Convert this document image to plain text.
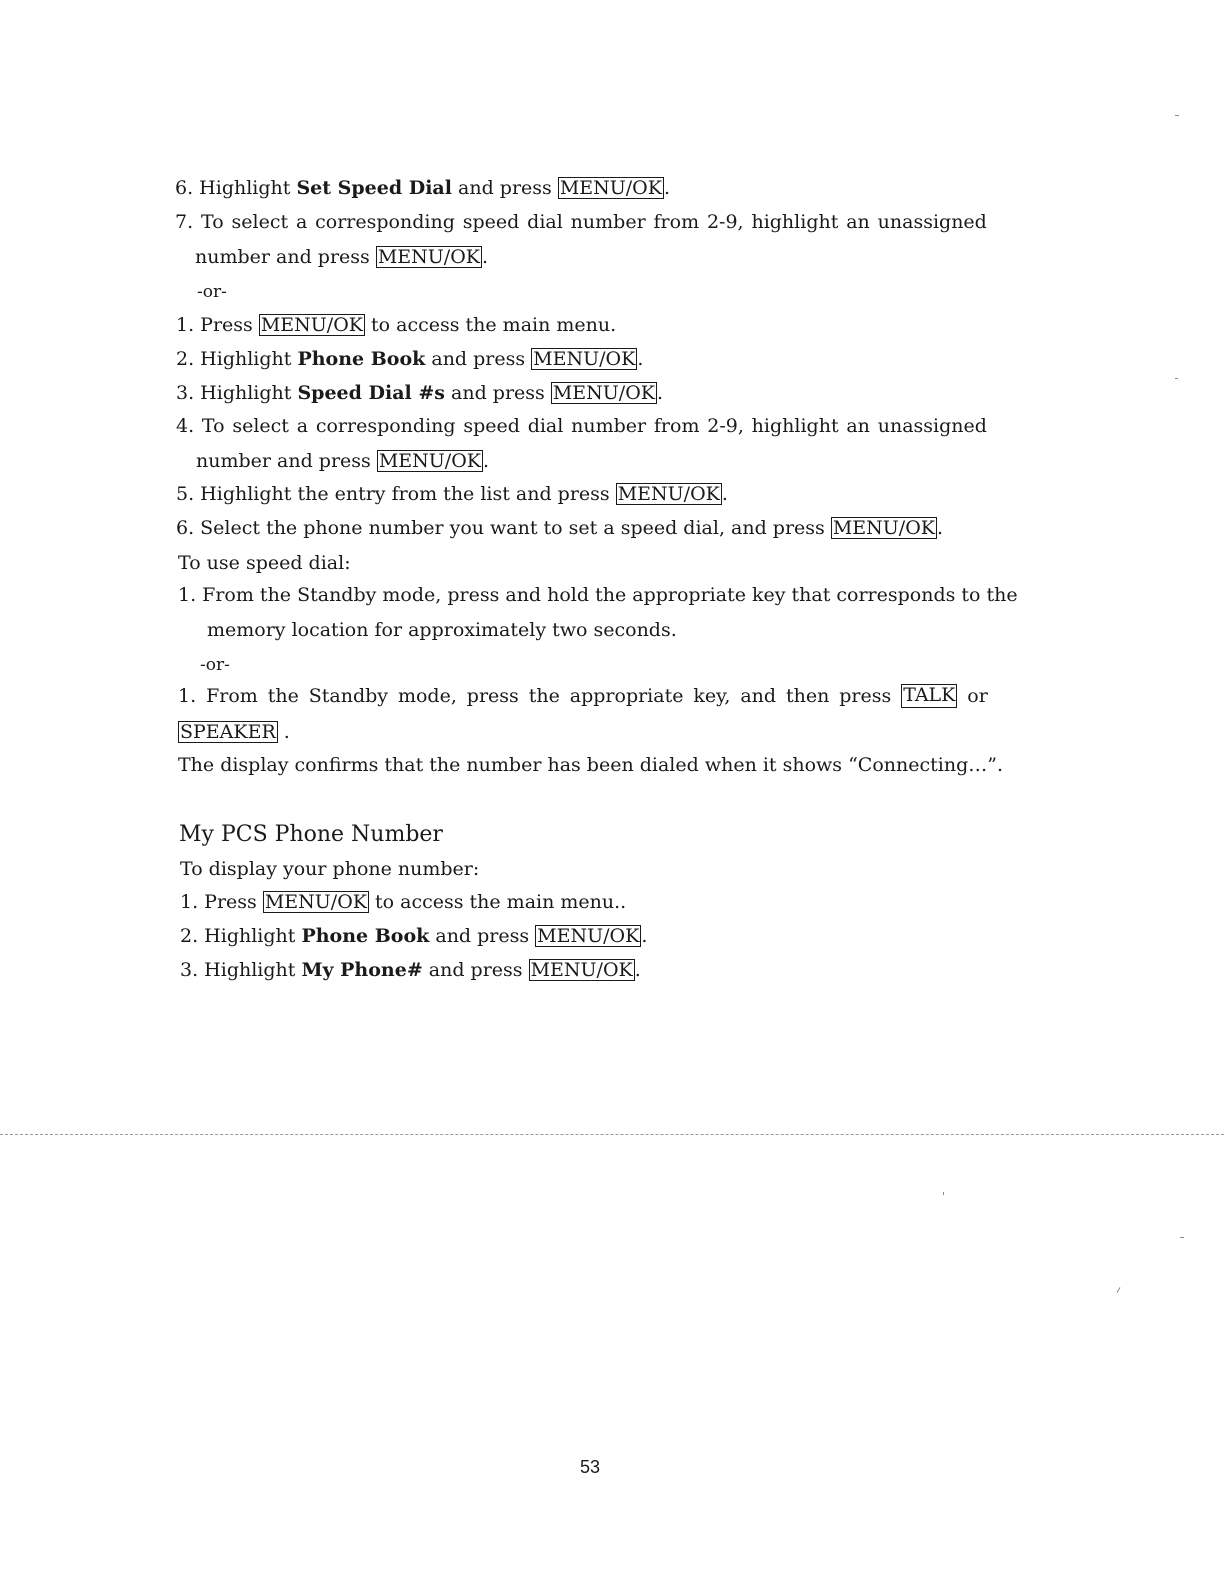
6. Highlight Set Speed Dial and press MENU/OK .
7. To select a corresponding speed dial number from 2-9, highlight an unassigned
number and press MENU/OK .
-or-
1. Press MENU/OK to access the main menu.
2. Highlight Phone Book and press MENU/OK .
3. Highlight Speed Dial #s and press MENU/OK .
4. To select a corresponding speed dial number from 2-9, highlight an unassigned
number and press MENU/OK .
5. Highlight the entry from the list and press MENU/OK .
6. Select the phone number you want to set a speed dial, and press MENU/OK .
To use speed dial:
1. From the Standby mode, press and hold the appropriate key that corresponds to the
memory location for approximately two seconds.
-or-
1. From the Standby mode, press the appropriate key, and then press TALK or
SPEAKER .
The display confirms that the number has been dialed when it shows “Connecting…”.
My PCS Phone Number
To display your phone number:
1. Press MENU/OK to access the main menu..
2. Highlight Phone Book and press MENU/OK .
3. Highlight My Phone# and press MENU/OK .
53
